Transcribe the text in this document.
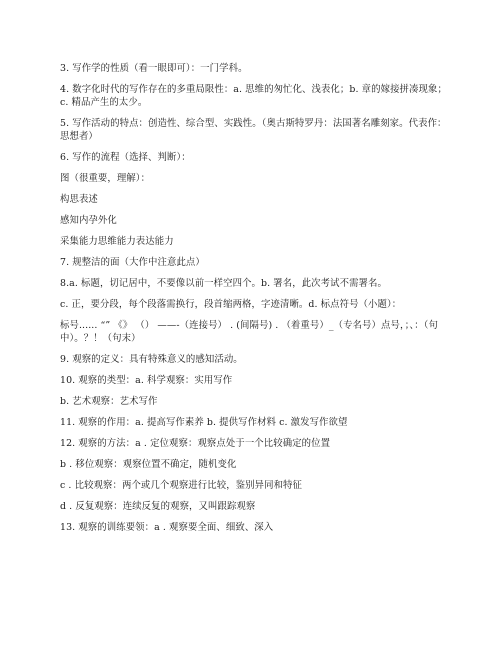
3. 写作学的性质（看一眼即可）：一门学科。
4. 数字化时代的写作存在的多重局限性：a. 思维的匆忙化、浅表化；b. 章的嫁接拼凑现象；c. 精品产生的太少。
5. 写作活动的特点：创造性、综合型、实践性。（奥古斯特罗丹：法国著名雕刻家。代表作：思想者）
6. 写作的流程（选择、判断）：
图（很重要，理解）：
构思表述
感知内孕外化
采集能力思维能力表达能力
7. 规整洁的面（大作中注意此点）
8.a. 标题，切记居中，不要像以前一样空四个。b. 署名，此次考试不需署名。
c. 正，要分段，每个段落需换行，段首缩两格，字迹清晰。d. 标点符号（小题）：
标号...... “” 《》 （） ——-（连接号） . (间隔号) . （着重号）_（专名号）点号，；、：（句中）。？！（句末）
9. 观察的定义：具有特殊意义的感知活动。
10. 观察的类型：a. 科学观察：实用写作
b. 艺术观察：艺术写作
11. 观察的作用：a. 提高写作素养 b. 提供写作材料 c. 激发写作欲望
12. 观察的方法：a . 定位观察：观察点处于一个比较确定的位置
b . 移位观察：观察位置不确定，随机变化
c . 比较观察：两个或几个观察进行比较，鉴别异同和特征
d . 反复观察：连续反复的观察，又叫跟踪观察
13. 观察的训练要领：a . 观察要全面、细致、深入
